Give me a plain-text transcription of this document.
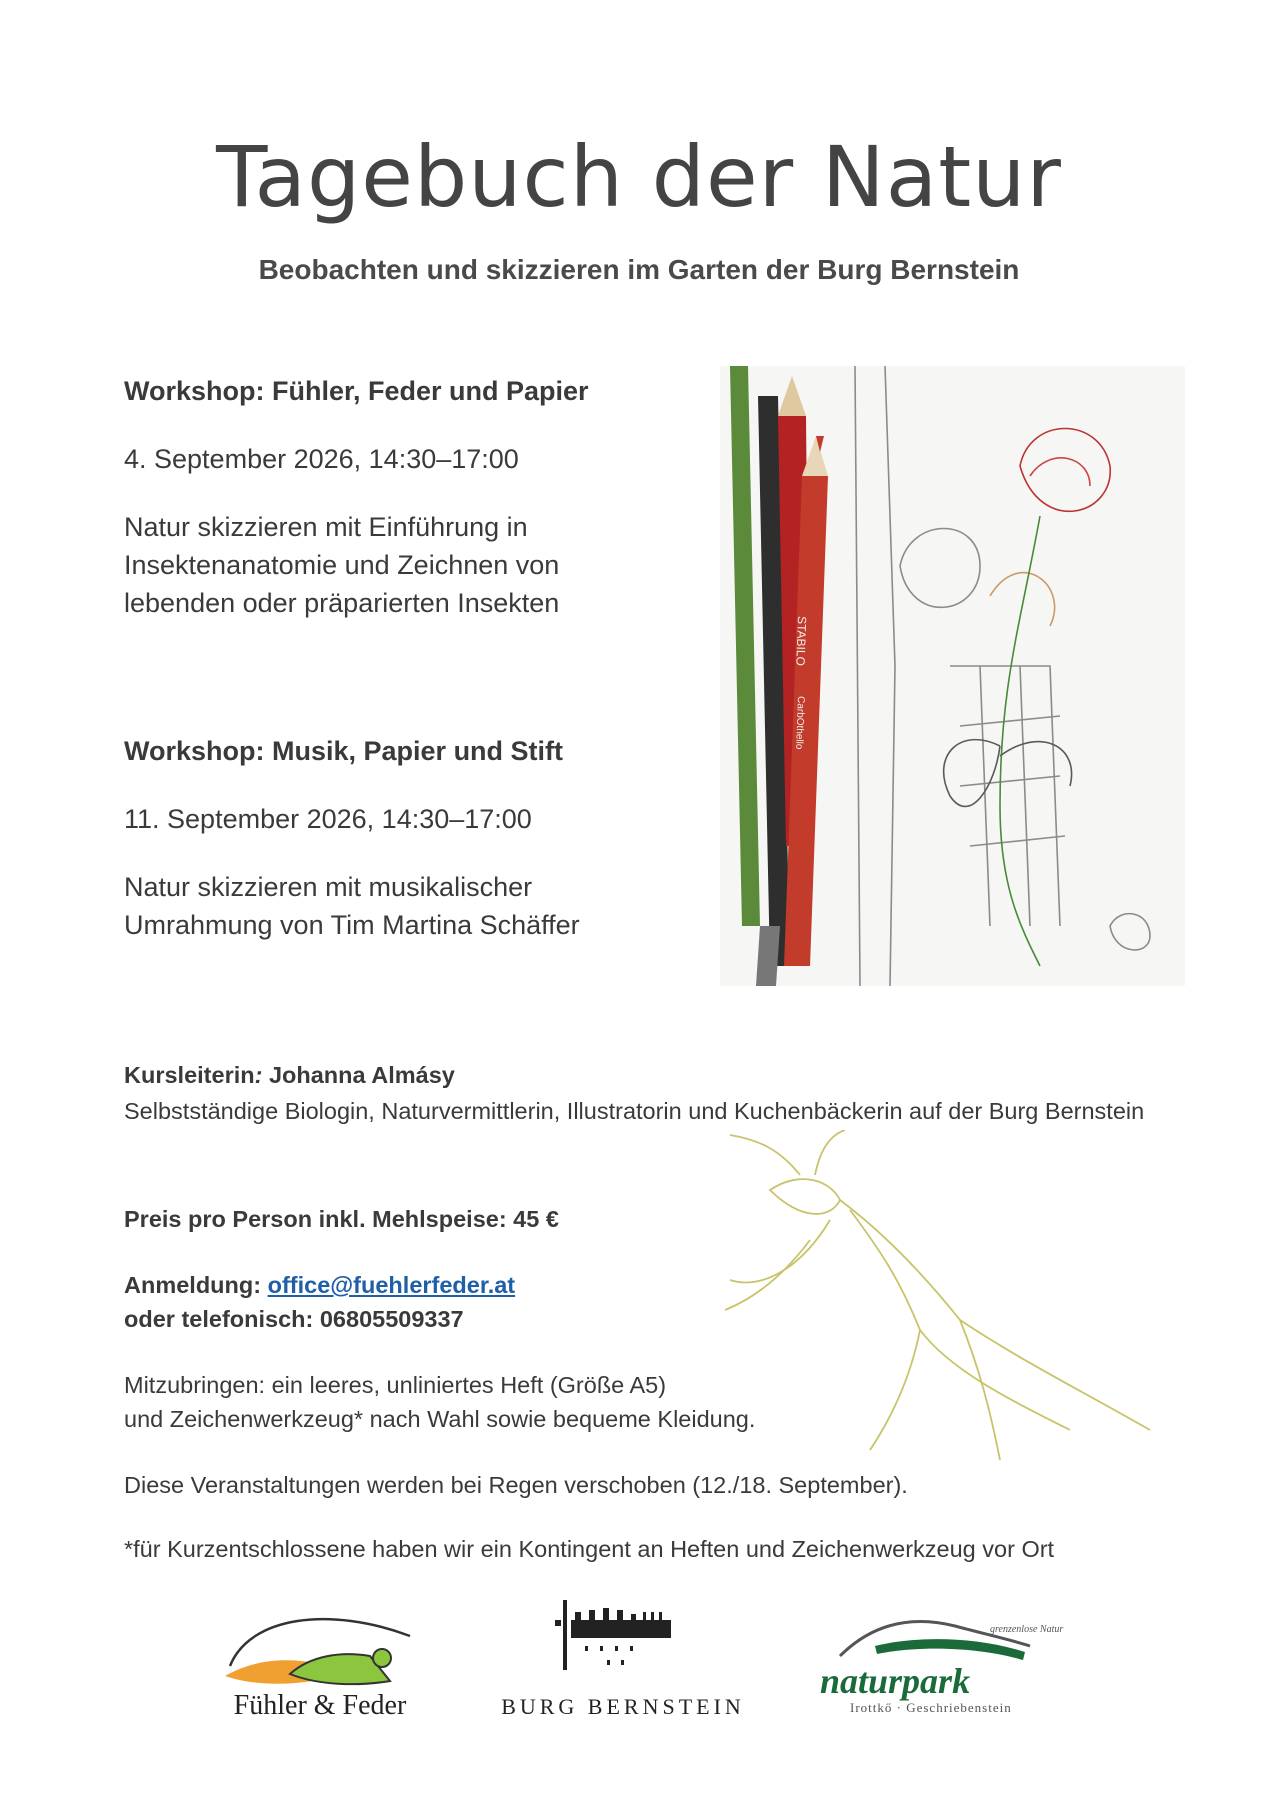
Tagebuch der Natur
Beobachten und skizzieren im Garten der Burg Bernstein
Workshop: Fühler, Feder und Papier
4. September 2026, 14:30–17:00
Natur skizzieren mit Einführung in
Insektenanatomie und Zeichnen von
lebenden oder präparierten Insekten
Workshop: Musik, Papier und Stift
11. September 2026, 14:30–17:00
Natur skizzieren mit musikalischer
Umrahmung von Tim Martina Schäffer
STABILO
CarbOthello
Kursleiterin: Johanna Almásy
Selbstständige Biologin, Naturvermittlerin, Illustratorin und Kuchenbäckerin auf der Burg Bernstein
Preis pro Person inkl. Mehlspeise: 45 €
Anmeldung: office@fuehlerfeder.at
oder telefonisch: 06805509337
Mitzubringen: ein leeres, unliniertes Heft (Größe A5)
und Zeichenwerkzeug* nach Wahl sowie bequeme Kleidung.
Diese Veranstaltungen werden bei Regen verschoben (12./18. September).
*für Kurzentschlossene haben wir ein Kontingent an Heften und Zeichenwerkzeug vor Ort
Fühler & Feder	BURG BERNSTEIN
grenzenlose Natur
naturpark
Irottkő · Geschriebenstein
